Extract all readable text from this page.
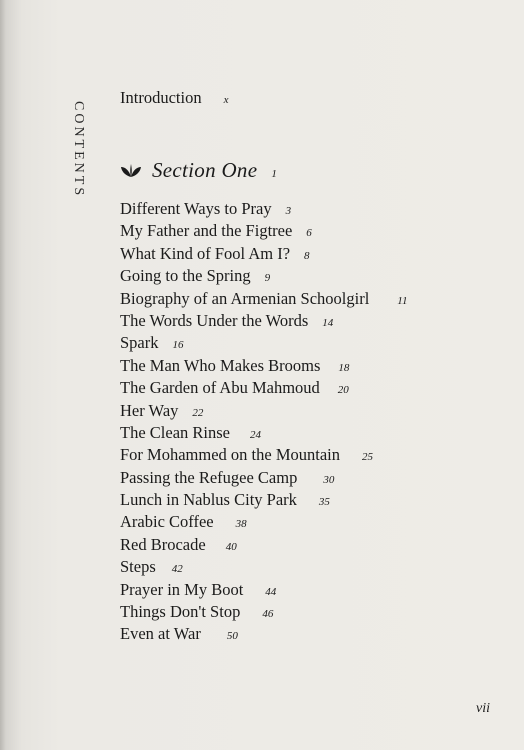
CONTENTS
Introduction x
Section One 1
Different Ways to Pray 3
My Father and the Figtree 6
What Kind of Fool Am I? 8
Going to the Spring 9
Biography of an Armenian Schoolgirl	11
The Words Under the Words 14
Spark 16
The Man Who Makes Brooms 18
The Garden of Abu Mahmoud 20
Her Way 22
The Clean Rinse 24
For Mohammed on the Mountain 25
Passing the Refugee Camp 30
Lunch in Nablus City Park 35
Arabic Coffee 38
Red Brocade 40
Steps 42
Prayer in My Boot 44
Things Don't Stop 46
Even at War 50
vii
